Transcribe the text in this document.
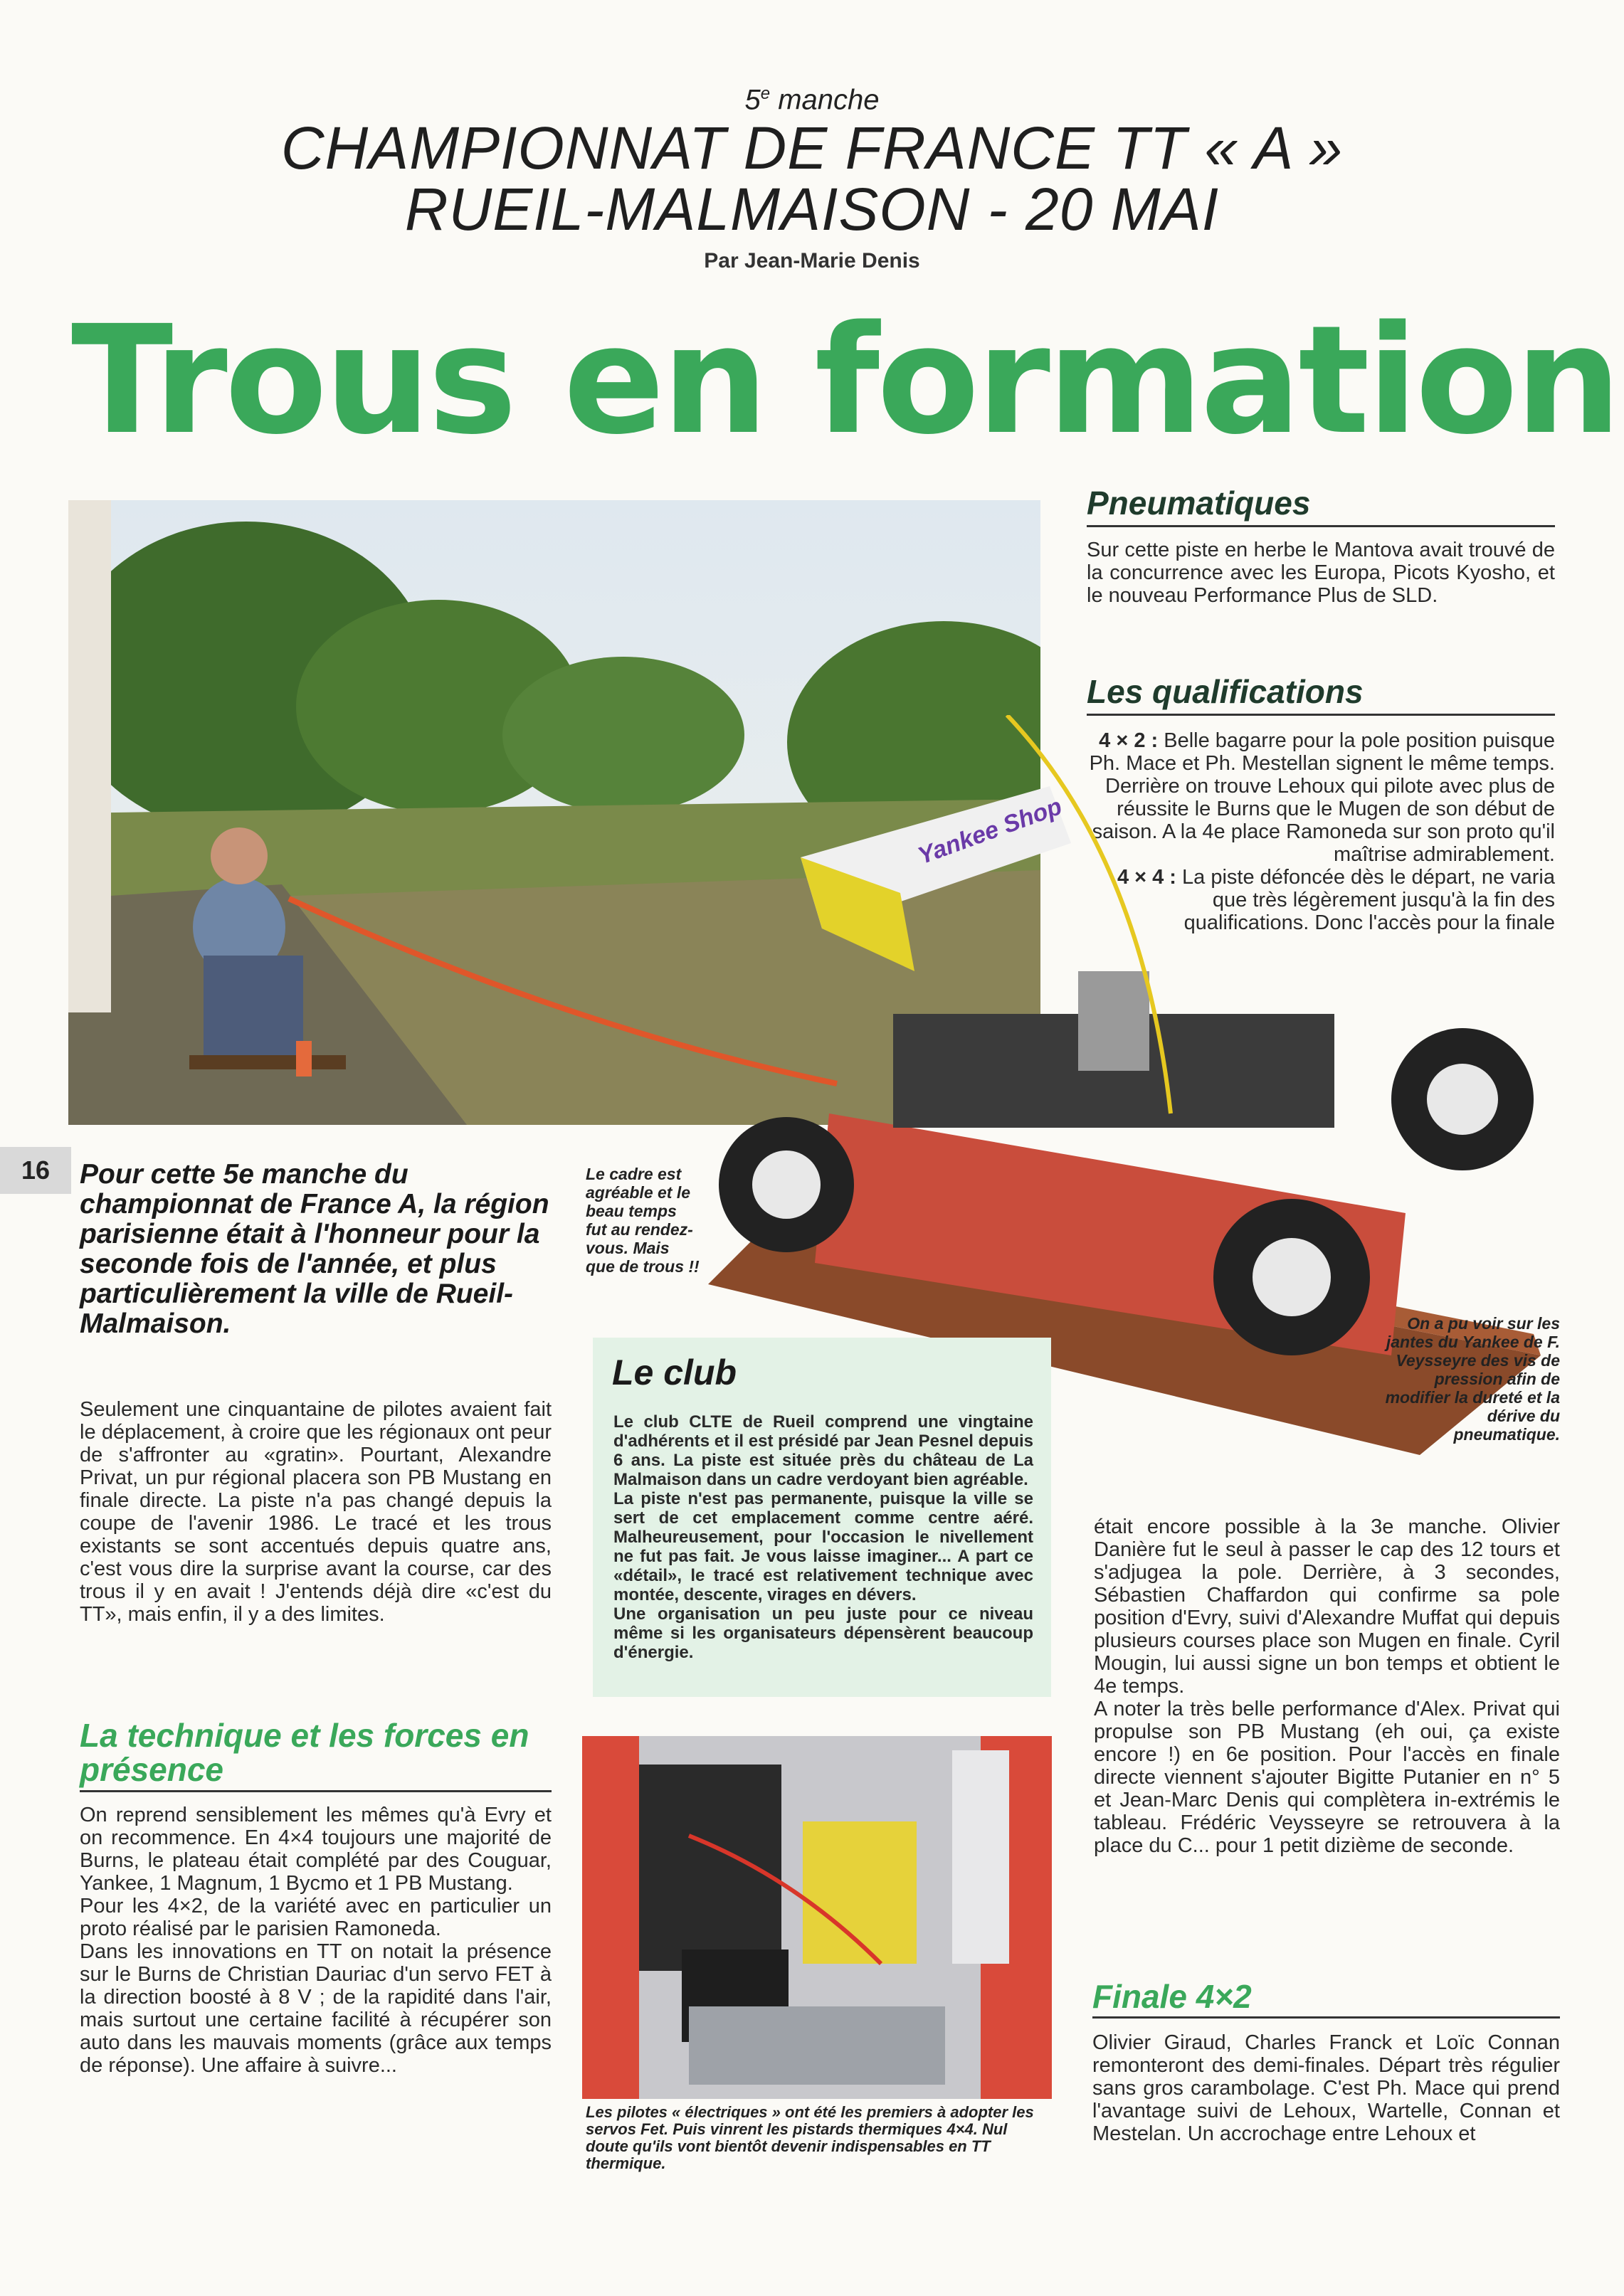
5e manche
CHAMPIONNAT DE FRANCE TT « A »
RUEIL-MALMAISON - 20 MAI
Par Jean-Marie Denis
Trous en formation
Pneumatiques
Sur cette piste en herbe le Mantova avait trouvé de la concurrence avec les Europa, Picots Kyosho, et le nouveau Performance Plus de SLD.
Les qualifications

4 × 2 : Belle bagarre pour la pole position puisque Ph. Mace et Ph. Mestellan signent le même temps. Derrière on trouve Lehoux qui pilote avec plus de réussite le Burns que le Mugen de son début de saison. A la 4e place Ramoneda sur son proto qu'il maîtrise admirablement.

4 × 4 : La piste défoncée dès le départ, ne varia que très légèrement jusqu'à la fin des qualifications. Donc l'accès pour la finale

Yankee Shop
16	Pour cette 5e manche du championnat de France A, la région parisienne était à l'honneur pour la seconde fois de l'année, et plus particulièrement la ville de Rueil-Malmaison.
Le cadre est agréable et le beau temps fut au rendez-vous. Mais que de trous !!
Seulement une cinquantaine de pilotes avaient fait le déplacement, à croire que les régionaux ont peur de s'affronter au «gratin». Pourtant, Alexandre Privat, un pur régional placera son PB Mustang en finale directe. La piste n'a pas changé depuis la coupe de l'avenir 1986. Le tracé et les trous existants se sont accentués depuis quatre ans, c'est vous dire la surprise avant la course, car des trous il y en avait ! J'entends déjà dire «c'est du TT», mais enfin, il y a des limites.
La technique et les forces en présence

On reprend sensiblement les mêmes qu'à Evry et on recommence. En 4×4 toujours une majorité de Burns, le plateau était complété par des Couguar, Yankee, 1 Magnum, 1 Bycmo et 1 PB Mustang.

Pour les 4×2, de la variété avec en particulier un proto réalisé par le parisien Ramoneda.

Dans les innovations en TT on notait la présence sur le Burns de Christian Dauriac d'un servo FET à la direction boosté à 8 V ; de la rapidité dans l'air, mais surtout une certaine facilité à récupérer son auto dans les mauvais moments (grâce aux temps de réponse). Une affaire à suivre...

Le club

Le club CLTE de Rueil comprend une vingtaine d'adhérents et il est présidé par Jean Pesnel depuis 6 ans. La piste est située près du château de La Malmaison dans un cadre verdoyant bien agréable.

La piste n'est pas permanente, puisque la ville se sert de cet emplacement comme centre aéré. Malheureusement, pour l'occasion le nivellement ne fut pas fait. Je vous laisse imaginer... A part ce «détail», le tracé est relativement technique avec montée, descente, virages en dévers.

Une organisation un peu juste pour ce niveau même si les organisateurs dépensèrent beaucoup d'énergie.

On a pu voir sur les jantes du Yankee de F. Veysseyre des vis de pression afin de modifier la dureté et la dérive du pneumatique.

était encore possible à la 3e manche. Olivier Danière fut le seul à passer le cap des 12 tours et s'adjugea la pole. Derrière, à 3 secondes, Sébastien Chaffardon qui confirme sa pole position d'Evry, suivi d'Alexandre Muffat qui depuis plusieurs courses place son Mugen en finale. Cyril Mougin, lui aussi signe un bon temps et obtient le 4e temps.

A noter la très belle performance d'Alex. Privat qui propulse son PB Mustang (eh oui, ça existe encore !) en 6e position. Pour l'accès en finale directe viennent s'ajouter Bigitte Putanier en n° 5 et Jean-Marc Denis qui complètera in-extrémis le tableau. Frédéric Veysseyre se retrouvera à la place du C... pour 1 petit dizième de seconde.

Finale 4×2
Olivier Giraud, Charles Franck et Loïc Connan remonteront des demi-finales. Départ très régulier sans gros carambolage. C'est Ph. Mace qui prend l'avantage suivi de Lehoux, Wartelle, Connan et Mestelan. Un accrochage entre Lehoux et
Les pilotes « électriques » ont été les premiers à adopter les servos Fet. Puis vinrent les pistards thermiques 4×4. Nul doute qu'ils vont bientôt devenir indispensables en TT thermique.
